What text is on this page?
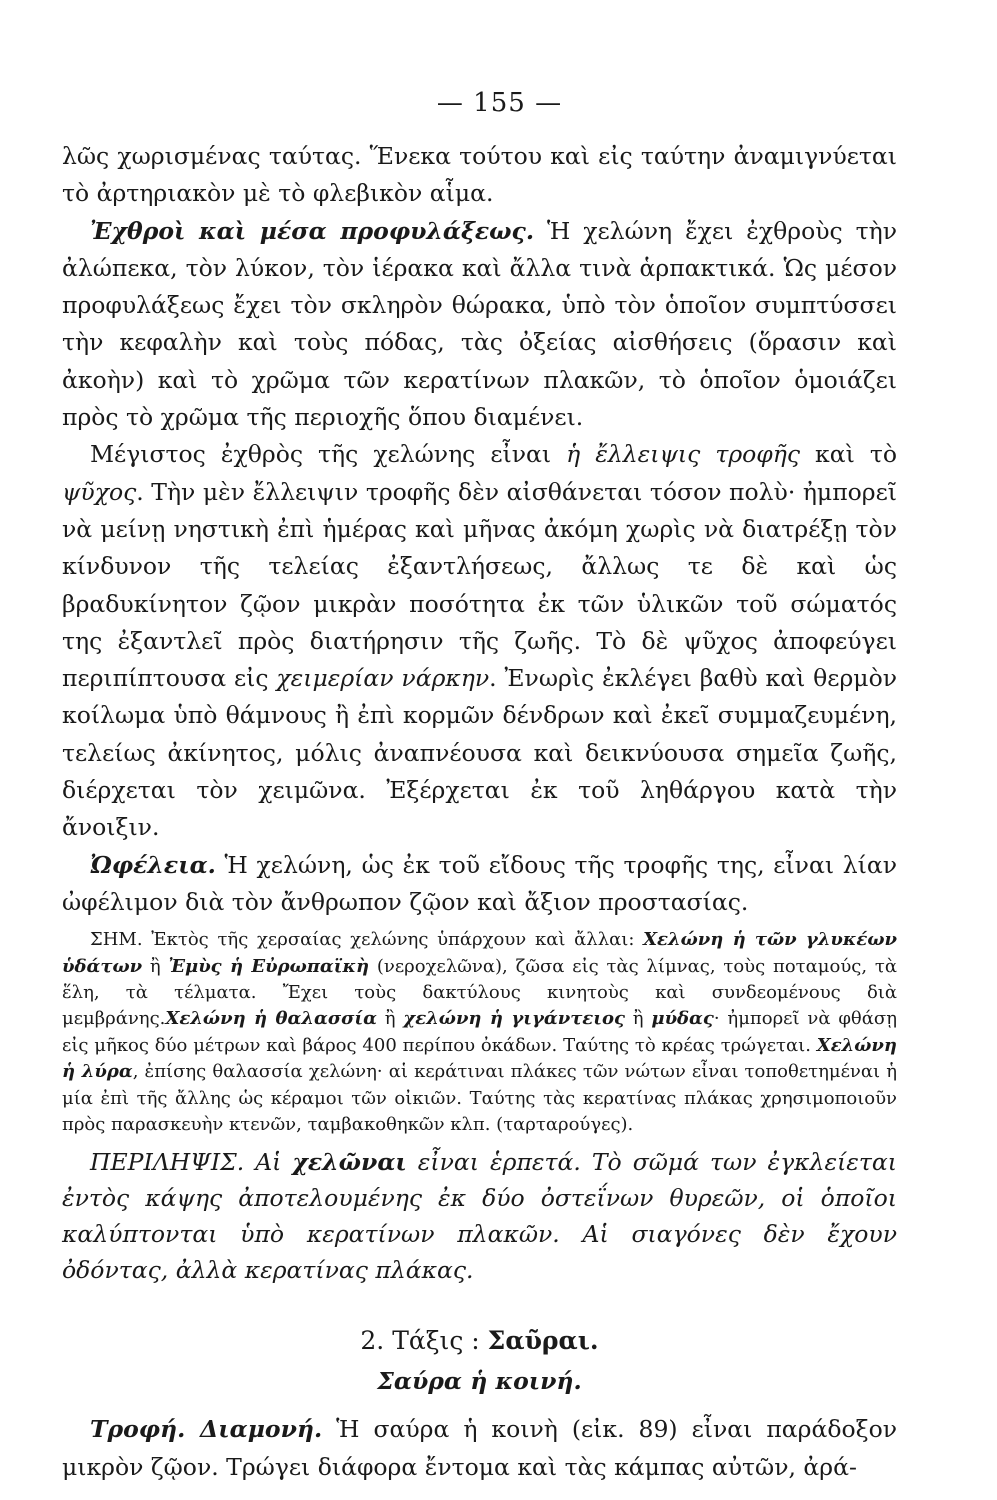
— 155 —

λῶς χωρισμένας ταύτας. Ἕνεκα τούτου καὶ εἰς ταύτην ἀναμιγνύεται τὸ ἀρτηριακὸν μὲ τὸ φλεβικὸν αἷμα.

Ἐχθροὶ καὶ μέσα προφυλάξεως. Ἡ χελώνη ἔχει ἐχθροὺς τὴν ἀλώπεκα, τὸν λύκον, τὸν ἱέρακα καὶ ἄλλα τινὰ ἁρπακτικά. Ὡς μέσον προφυλάξεως ἔχει τὸν σκληρὸν θώρακα, ὑπὸ τὸν ὁποῖον συμπτύσσει τὴν κεφαλὴν καὶ τοὺς πόδας, τὰς ὀξείας αἰσθήσεις (ὅρασιν καὶ ἀκοὴν) καὶ τὸ χρῶμα τῶν κερατίνων πλακῶν, τὸ ὁποῖον ὁμοιάζει πρὸς τὸ χρῶμα τῆς περιοχῆς ὅπου διαμένει.

Μέγιστος ἐχθρὸς τῆς χελώνης εἶναι ἡ ἔλλειψις τροφῆς καὶ τὸ ψῦχος. Τὴν μὲν ἔλλειψιν τροφῆς δὲν αἰσθάνεται τόσον πολὺ· ἠμπορεῖ νὰ μείνῃ νηστικὴ ἐπὶ ἡμέρας καὶ μῆνας ἀκόμη χωρὶς νὰ διατρέξῃ τὸν κίνδυνον τῆς τελείας ἐξαντλήσεως, ἄλλως τε δὲ καὶ ὡς βραδυκίνητον ζῷον μικρὰν ποσότητα ἐκ τῶν ὑλικῶν τοῦ σώματός της ἐξαντλεῖ πρὸς διατήρησιν τῆς ζωῆς. Τὸ δὲ ψῦχος ἀποφεύγει περιπίπτουσα εἰς χειμερίαν νάρκην. Ἐνωρὶς ἐκλέγει βαθὺ καὶ θερμὸν κοίλωμα ὑπὸ θάμνους ἢ ἐπὶ κορμῶν δένδρων καὶ ἐκεῖ συμμαζευμένη, τελείως ἀκίνητος, μόλις ἀναπνέουσα καὶ δεικνύουσα σημεῖα ζωῆς, διέρχεται τὸν χειμῶνα. Ἐξέρχεται ἐκ τοῦ ληθάργου κατὰ τὴν ἄνοιξιν.

Ὠφέλεια. Ἡ χελώνη, ὡς ἐκ τοῦ εἴδους τῆς τροφῆς της, εἶναι λίαν ὠφέλιμον διὰ τὸν ἄνθρωπον ζῷον καὶ ἄξιον προστασίας.

ΣΗΜ. Ἐκτὸς τῆς χερσαίας χελώνης ὑπάρχουν καὶ ἄλλαι: Χελώνη ἡ τῶν γλυκέων ὑδάτων ἢ Ἐμὺς ἡ Εὐρωπαϊκὴ (νεροχελῶνα), ζῶσα εἰς τὰς λίμνας, τοὺς ποταμούς, τὰ ἕλη, τὰ τέλματα. Ἔχει τοὺς δακτύλους κινητοὺς καὶ συνδεομένους διὰ μεμβράνης.Χελώνη ἡ θαλασσία ἢ χελώνη ἡ γιγάντειος ἢ μύδας· ἠμπορεῖ νὰ φθάσῃ εἰς μῆκος δύο μέτρων καὶ βάρος 400 περίπου ὀκάδων. Ταύτης τὸ κρέας τρώγεται. Χελώνη ἡ λύρα, ἐπίσης θαλασσία χελώνη· αἱ κεράτιναι πλάκες τῶν νώτων εἶναι τοποθετημέναι ἡ μία ἐπὶ τῆς ἄλλης ὡς κέραμοι τῶν οἰκιῶν. Ταύτης τὰς κερατίνας πλάκας χρησιμοποιοῦν πρὸς παρασκευὴν κτενῶν, ταμβακοθηκῶν κλπ. (ταρταρούγες).

ΠΕΡΙΛΗΨΙΣ. Αἱ χελῶναι εἶναι ἑρπετά. Τὸ σῶμά των ἐγκλείεται ἐντὸς κάψης ἀποτελουμένης ἐκ δύο ὀστεΐνων θυρεῶν, οἱ ὁποῖοι καλύπτονται ὑπὸ κερατίνων πλακῶν. Αἱ σιαγόνες δὲν ἔχουν ὀδόντας, ἀλλὰ κερατίνας πλάκας.

2. Τάξις : Σαῦραι.
Σαύρα ἡ κοινή.

Τροφή. Διαμονή. Ἡ σαύρα ἡ κοινὴ (εἰκ. 89) εἶναι παράδοξον μικρὸν ζῷον. Τρώγει διάφορα ἔντομα καὶ τὰς κάμπας αὐτῶν, ἀρά-
